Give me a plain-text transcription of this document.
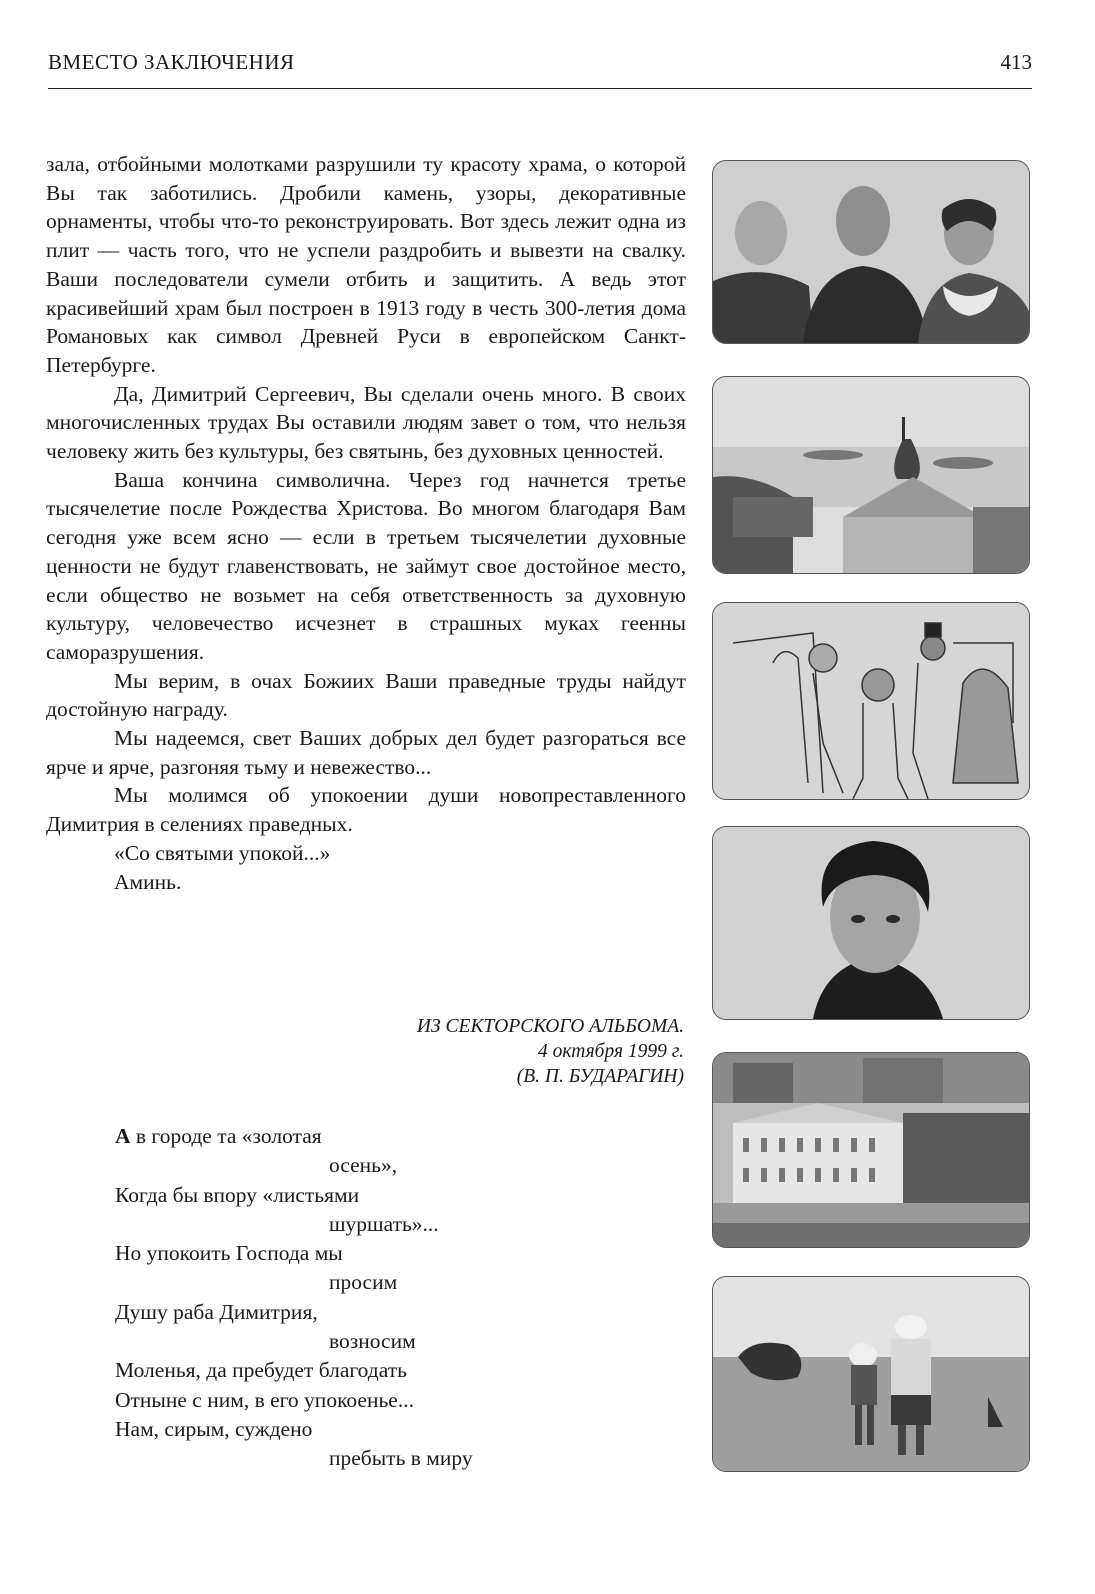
ВМЕСТО ЗАКЛЮЧЕНИЯ	413

зала, отбойными молотками разрушили ту красоту храма, о которой Вы так заботились. Дробили камень, узоры, декоративные орнаменты, чтобы что-то реконструировать. Вот здесь лежит одна из плит — часть того, что не успели раздробить и вывезти на свалку. Ваши последователи сумели отбить и защитить. А ведь этот красивейший храм был построен в 1913 году в честь 300-летия дома Романовых как символ Древней Руси в европейском Санкт-Петербурге.

Да, Димитрий Сергеевич, Вы сделали очень много. В своих многочисленных трудах Вы оставили людям завет о том, что нельзя человеку жить без культуры, без святынь, без духовных ценностей.

Ваша кончина символична. Через год начнется третье тысячелетие после Рождества Христова. Во многом благодаря Вам сегодня уже всем ясно — если в третьем тысячелетии духовные ценности не будут главенствовать, не займут свое достойное место, если общество не возьмет на себя ответственность за духовную культуру, человечество исчезнет в страшных муках геенны саморазрушения.

Мы верим, в очах Божиих Ваши праведные труды найдут достойную награду.

Мы надеемся, свет Ваших добрых дел будет разгораться все ярче и ярче, разгоняя тьму и невежество...

Мы молимся об упокоении души новопреставленного Димитрия в селениях праведных.

«Со святыми упокой...»

Аминь.

ИЗ СЕКТОРСКОГО АЛЬБОМА.
4 октября 1999 г.
(В. П. БУДАРАГИН)
А в городе та «золотая
осень»,
Когда бы впору «листьями
шуршать»...
Но упокоить Господа мы
просим
Душу раба Димитрия,
возносим
Моленья, да пребудет благодать
Отныне с ним, в его упокоенье...
Нам, сирым, суждено
пребыть в миру
